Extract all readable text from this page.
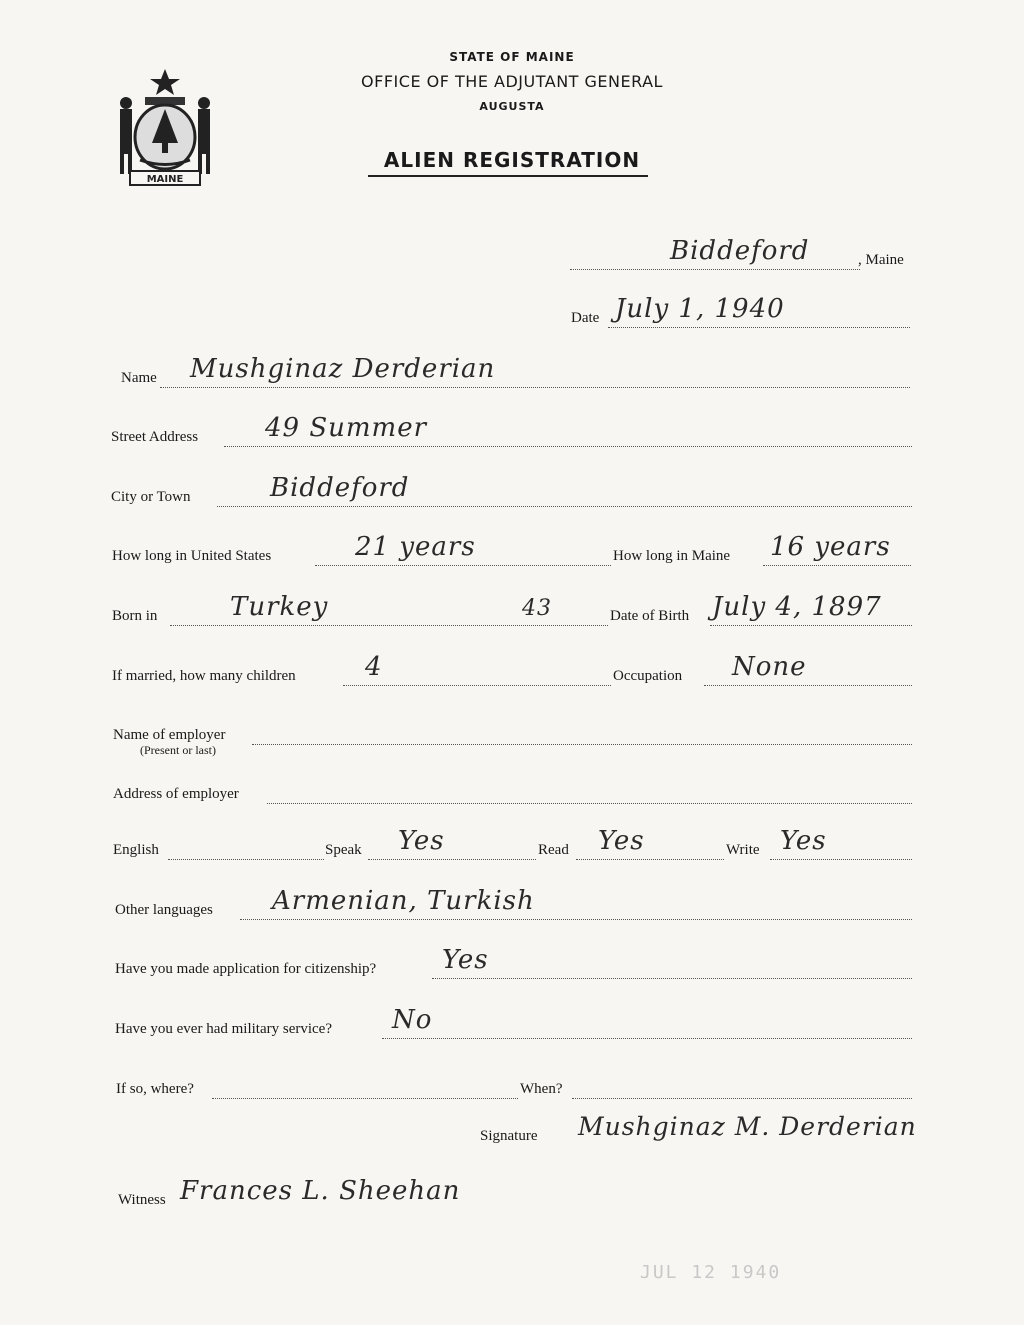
MAINE
STATE OF MAINE
OFFICE OF THE ADJUTANT GENERAL
AUGUSTA
ALIEN REGISTRATION
Biddeford	, Maine
Date July 1, 1940
Name Mushginaz Derderian
Street Address	49 Summer
City or Town	Biddeford
How long in United States	21 years	How long in Maine 16 years
Born in	Turkey	43	Date of Birth July 4, 1897
If married, how many children	4	Occupation None
Name of employer
(Present or last)
Address of employer
English	Speak Yes	Read Yes	Write Yes
Other languages Armenian, Turkish
Have you made application for citizenship?	Yes
Have you ever had military service? No
If so, where?	When?
Signature Mushginaz M. Derderian
Witness Frances L. Sheehan
JUL 12 1940
